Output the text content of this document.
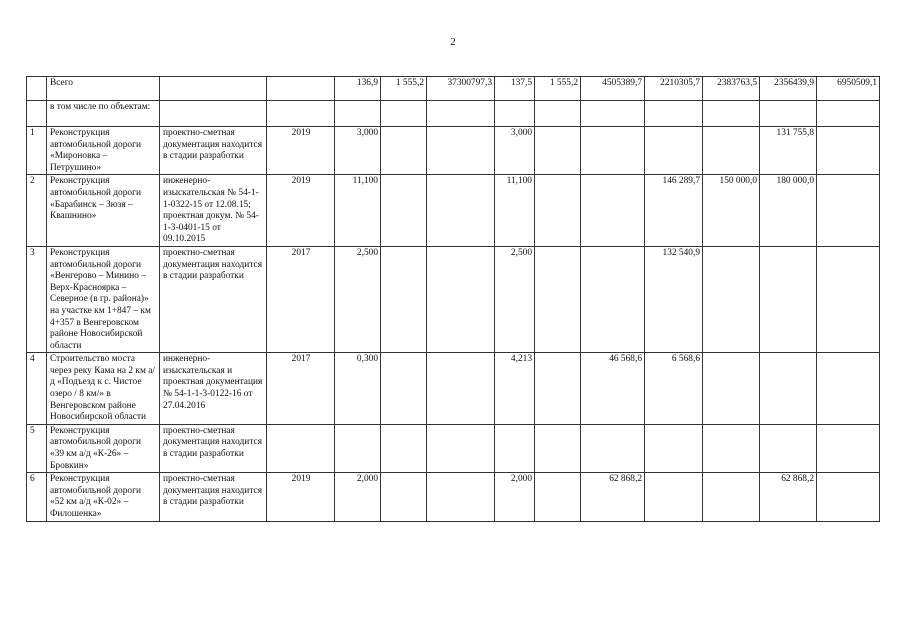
2
	Всего			136,9	1 555,2	37300797,3	137,5	1 555,2	4505389,7	2210305,7	2383763,5	2356439,9	6950509,1
	в том числе по объектам:												
1	Реконструкция автомобильной дороги «Мироновка – Петрушино»	проектно-сметная документация находится в стадии разработки	2019	3,000			3,000					131 755,8	
2	Реконструкция автомобильной дороги «Барабинск – Зюзя – Квашнино»	инженерно-изыскательская № 54-1-1-0322-15 от 12.08.15; проектная докум. № 54-1-3-0401-15 от 09.10.2015	2019	11,100			11,100			146 289,7	150 000,0	180 000,0	
3	Реконструкция автомобильной дороги «Венгерово – Минино – Верх-Красноярка – Северное (в гр. района)» на участке км 1+847 – км 4+357 в Венгеровском районе Новосибирской области	проектно-сметная документация находится в стадии разработки	2017	2,500			2,500			132 540,9			
4	Строительство моста через реку Кама на 2 км а/д «Подъезд к с. Чистое озеро / 8 км/» в Венгеровском районе Новосибирской области	инженерно-изыскательская и проектная документация № 54-1-1-3-0122-16 от 27.04.2016	2017	0,300			4,213		46 568,6	6 568,6			
5	Реконструкция автомобильной дороги «39 км а/д «К-26» – Бровкин»	проектно-сметная документация находится в стадии разработки											
6	Реконструкция автомобильной дороги «52 км а/д «К-02» – Филошенка»	проектно-сметная документация находится в стадии разработки	2019	2,000			2,000		62 868,2			62 868,2	
